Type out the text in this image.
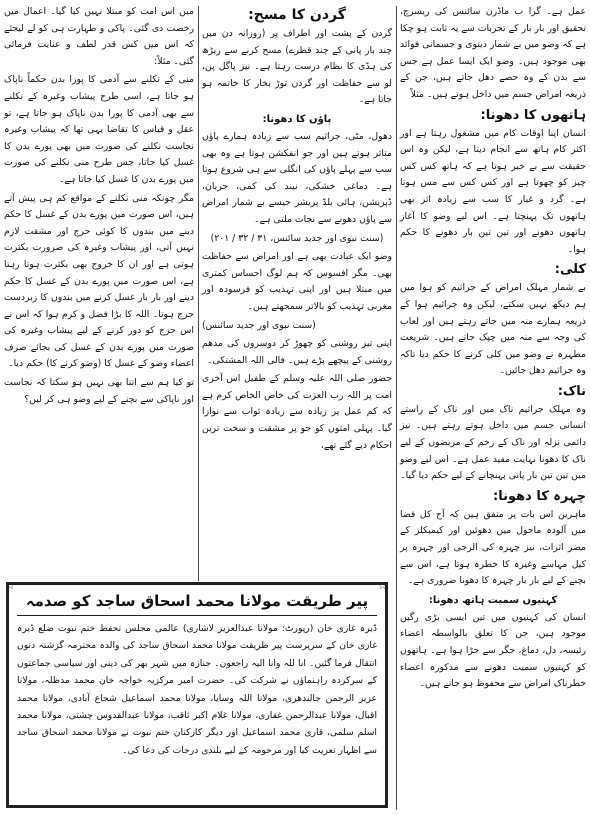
عمل ہے۔ گرا ب ماڈرن سائنس کی ریسرچ، تحقیق اور بار بار کے تجربات سے یہ ثابت ہو چکا ہے کہ وضو میں بے شمار دینوی و جسمانی فوائد بھی موجود ہیں۔ وضو ایک ایسا عمل ہے جس سے بدن کے وہ حصے دھل جاتے ہیں، جن کے ذریعہ امراض جسم میں داخل ہوتے ہیں۔ مثلاً

ہاتھوں کا دھونا:

انسان اپنا اوقات کام میں مشغول رہتا ہے اور اکثر کام ہاتھ سے انجام دیتا ہے، لیکن وہ اس حقیقت سے بے خبر ہوتا ہے کہ ہاتھ کس کس چیز کو چھوتا ہے اور کس کس سے مس ہوتا ہے۔ گرد و غبار کا سب سے زیادہ اثر بھی ہاتھوں تک پہنچتا ہے۔ اس لیے وضو کا آغاز ہاتھوں دھونے اور تین تین بار دھونے کا حکم ہوا۔

کلی:

بے شمار مہلک امراض کے جراثیم کو ہوا میں ہم دیکھ نہیں سکتے، لیکن وہ جراثیم ہوا کے ذریعہ ہمارے منہ میں جاتے رہتے ہیں اور لعاب کی وجہ سے منہ میں چپک جاتے ہیں۔ شریعت مطہرہ نے وضو میں کلی کرنے کا حکم دیا تاکہ وہ جراثیم دھل جائیں۔

ناک:

وہ مہلک جراثیم ناک میں اور ناک کے راستے انسانی جسم میں داخل ہوتے رہتے ہیں۔ نیز دائمی نزلہ اور ناک کے زخم کے مریضوں کے لیے ناک کا دھونا نہایت مفید عمل ہے۔ اس لیے وضو میں تین تین بار پانی پہنچانے کے لیے حکم دیا گیا۔

چہرہ کا دھونا:

ماہرین اس بات پر متفق ہیں کہ آج کل فضا میں آلودہ ماحول میں دھوئیں اور کیمیکلز کے مضر اثرات، نیز چہرہ کی الرجی اور چہرہ پر کیل مہاسے وغیرہ کا خطرہ ہوتا ہے، اس سے بچنے کے لیے بار بار چہرہ کا دھونا ضروری ہے۔

کہنیوں سمیت ہاتھ دھونا:

انسان کی کہنیوں میں تین ایسی بڑی رگیں موجود ہیں، جن کا تعلق بالواسطہ اعضاء رئیسہ، دل، دماغ، جگر سے جڑا ہوا ہے۔ ہاتھوں کو کہنیوں سمیت دھونے سے مذکورہ اعضاء خطرناک امراض سے محفوظ ہو جاتے ہیں۔

گردن کا مسح:

گردن کے پشت اور اطراف پر (روزانہ دن میں چند بار پانی کے چند قطرے) مسح کرنے سے ریڑھ کی ہڈی کا نظام درست رہتا ہے۔ نیز پاگل پن، لو سے حفاظت اور گردن توڑ بخار کا خاتمہ ہو جاتا ہے۔

پاؤں کا دھونا:

دھول، مٹی، جراثیم سب سے زیادہ ہمارے پاؤں متاثر ہوتے ہیں اور جو انفکشن ہوتا ہے وہ بھی سب سے پہلے پاؤں کی انگلی سے ہی شروع ہوتا ہے۔ دماغی خشکی، نیند کی کمی، جریان، ڈپریشن، ہائی بلڈ پریشر جیسے بے شمار امراض سے پاؤں دھونے سے نجات ملتی ہے۔

(سنت نبوی اور جدید سائنس، ۳۱ / ۳۲ / ۲۰۱)

وضو ایک عبادت بھی ہے اور امراض سے حفاظت بھی۔ مگر افسوس کہ ہم لوگ احساس کمتری میں مبتلا ہیں اور اپنی تہذیب کو فرسودہ اور مغربی تہذیب کو بالاتر سمجھتے ہیں۔

(سنت نبوی اور جدید سائنس)

اپنی تیز روشنی کو چھوڑ کر دوسروں کی مدھم روشنی کے پیچھے پڑے ہیں۔ فالی اللہ المشتکی۔

حضور صلی اللہ علیہ وسلم کے طفیل اس آخری امت پر اللہ رب العزت کی خاص الخاص کرم ہے کہ کم عمل پر زیادہ سے زیادہ ثواب سے نوازا گیا۔ پہلی امتوں کو جو پر مشقت و سخت ترین احکام دیے گئے تھے،

میں اس امت کو مبتلا نہیں کیا گیا۔ اعمال میں رخصت دی گئی۔ پاکی و طہارت ہی کو لے لیجئے کہ اس میں کس قدر لطف و عنایت فرمائی گئی۔ مثلاً:

منی کے نکلنے سے آدمی کا پورا بدن حکماً ناپاک ہو جاتا ہے، اسی طرح پیشاب وغیرہ کے نکلنے سے بھی آدمی کا پورا بدن ناپاک ہو جاتا ہے، تو عقل و قیاس کا تقاضا یہی تھا کہ پیشاب وغیرہ نجاست نکلنے کی صورت میں بھی پورے بدن کا غسل کیا جاتا، جس طرح منی نکلنے کی صورت میں پورے بدن کا غسل کیا جاتا ہے۔

مگر چونکہ منی نکلنے کے مواقع کم ہی پیش آتے ہیں، اس صورت میں پورے بدن کے غسل کا حکم دینے میں بندوں کا کوئی حرج اور مشقت لازم نہیں آتی، اور پیشاب وغیرہ کی ضرورت بکثرت ہوتی ہے اور ان کا خروج بھی بکثرت ہوتا رہتا ہے، اس صورت میں پورے بدن کے غسل کا حکم دینے اور بار بار غسل کرنے میں بندوں کا زبردست حرج ہوتا۔ اللہ کا بڑا فضل و کرم ہوا کہ اس نے اس حرج کو دور کرنے کے لیے پیشاب وغیرہ کی صورت میں پورے بدن کے غسل کی بجائے صرف اعضاء وضو کے غسل کا (وضو کرنے کا) حکم دیا۔

تو کیا ہم سے اتنا بھی نہیں ہو سکتا کہ نجاست اور ناپاکی سے بچنے کے لیے وضو ہی کر لیں؟

☆	☆
پیر طریقت مولانا محمد اسحاق ساجد کو صدمہ
ڈیرہ غازی خان (رپورٹ: مولانا عبدالعزیز لاشاری) عالمی مجلس تحفظ ختم نبوت ضلع ڈیرہ غازی خان کے سرپرست پیر طریقت مولانا محمد اسحاق ساجد کی والدہ محترمہ گزشتہ دنوں انتقال فرما گئیں۔ انا للہ وانا الیہ راجعون۔ جنازہ میں شہر بھر کی دینی اور سیاسی جماعتوں کے سرکردہ راہنماؤں نے شرکت کی۔ حضرت امیر مرکزیہ خواجہ خان محمد مدظلہ، مولانا عزیز الرحمن جالندھری، مولانا اللہ وسایا، مولانا محمد اسماعیل شجاع آبادی، مولانا محمد اقبال، مولانا عبدالرحمن غفاری، مولانا غلام اکبر ثاقب، مولانا عبدالقدوس چشتی، مولانا محمد اسلم سلمی، قاری محمد اسماعیل اور دیگر کارکنان ختم نبوت نے مولانا محمد اسحاق ساجد سے اظہار تعزیت کیا اور مرحومہ کے لیے بلندی درجات کی دعا کی۔
